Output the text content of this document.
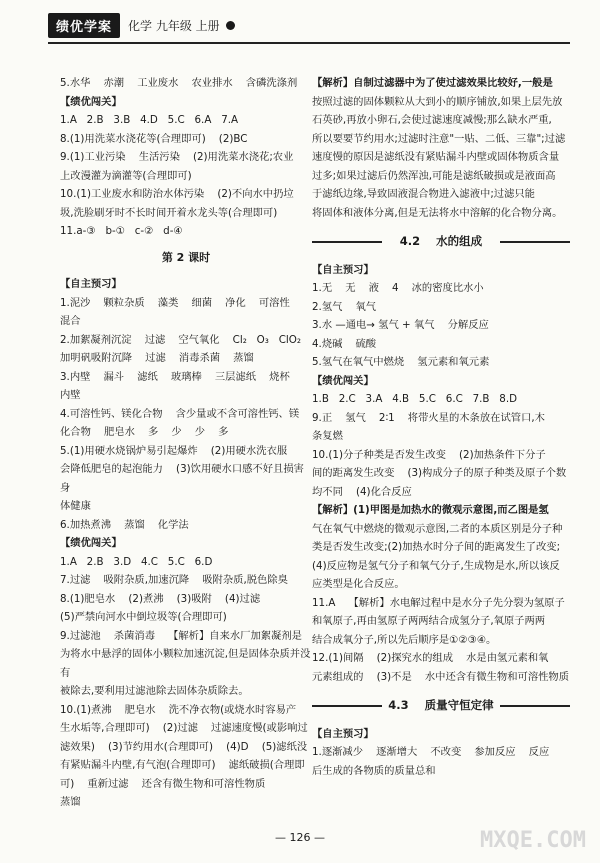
绩优学案	化学 九年级 上册

5.水华    赤潮    工业废水    农业排水    含磷洗涤剂

【绩优闯关】

1.A   2.B   3.B   4.D   5.C   6.A   7.A

8.(1)用洗菜水浇花等(合理即可)    (2)BC

9.(1)工业污染    生活污染    (2)用洗菜水浇花;农业

上改漫灌为滴灌等(合理即可)

10.(1)工业废水和防治水体污染    (2)不向水中扔垃

圾,洗脸刷牙时不长时间开着水龙头等(合理即可)

11.a-③   b-①   c-②   d-④

第 2 课时

【自主预习】

1.泥沙    颗粒杂质    藻类    细菌    净化    可溶性    混合

2.加絮凝剂沉淀    过滤    空气氧化    Cl₂   O₃   ClO₂

加明矾吸附沉降    过滤    消毒杀菌    蒸馏

3.内壁    漏斗    滤纸    玻璃棒    三层滤纸    烧杯

内壁

4.可溶性钙、镁化合物    含少量或不含可溶性钙、镁

化合物    肥皂水    多    少    少    多

5.(1)用硬水烧锅炉易引起爆炸    (2)用硬水洗衣服

会降低肥皂的起泡能力    (3)饮用硬水口感不好且损害身

体健康

6.加热煮沸    蒸馏    化学法

【绩优闯关】

1.A   2.B   3.D   4.C   5.C   6.D

7.过滤    吸附杂质,加速沉降    吸附杂质,脱色除臭

8.(1)肥皂水    (2)煮沸    (3)吸附    (4)过滤

(5)严禁向河水中倒垃圾等(合理即可)

9.过滤池    杀菌消毒    【解析】自来水厂加絮凝剂是

为将水中悬浮的固体小颗粒加速沉淀,但是固体杂质并没有

被除去,要利用过滤池除去固体杂质除去。

10.(1)煮沸    肥皂水    洗不净衣物(或烧水时容易产

生水垢等,合理即可)    (2)过滤    过滤速度慢(或影响过

滤效果)    (3)节约用水(合理即可)    (4)D    (5)滤纸没

有紧贴漏斗内壁,有气泡(合理即可)    滤纸破损(合理即

可)    重新过滤    还含有微生物和可溶性物质

蒸馏

【解析】自制过滤器中为了使过滤效果比较好,一般是

按照过滤的固体颗粒从大到小的顺序铺放,如果上层先放

石英砂,再放小卵石,会使过滤速度减慢;那么缺水严重,

所以要要节约用水;过滤时注意"一贴、二低、三靠";过滤

速度慢的原因是滤纸没有紧贴漏斗内壁或固体物质含量

过多;如果过滤后仍然浑浊,可能是滤纸破损或是液面高

于滤纸边缘,导致固液混合物进入滤液中;过滤只能

将固体和液体分离,但是无法将水中溶解的化合物分离。

4.2    水的组成

【自主预习】

1.无    无    液    4    冰的密度比水小

2.氢气    氧气

3.水 —通电→ 氢气 + 氧气    分解反应

4.烧碱    硫酸

5.氢气在氧气中燃烧    氢元素和氧元素

【绩优闯关】

1.B   2.C   3.A   4.B   5.C   6.C   7.B   8.D

9.正    氢气    2∶1    将带火星的木条放在试管口,木

条复燃

10.(1)分子种类是否发生改变    (2)加热条件下分子

间的距离发生改变    (3)构成分子的原子种类及原子个数

均不同    (4)化合反应

【解析】(1)甲图是加热水的微观示意图,而乙图是氢

气在氧气中燃烧的微观示意图,二者的本质区别是分子种

类是否发生改变;(2)加热水时分子间的距离发生了改变;

(4)反应物是氢气分子和氧气分子,生成物是水,所以该反

应类型是化合反应。

11.A    【解析】水电解过程中是水分子先分裂为氢原子

和氧原子,再由氢原子两两结合成氢分子,氧原子两两

结合成氧分子,所以先后顺序是①②③④。

12.(1)间隔    (2)探究水的组成    水是由氢元素和氧

元素组成的    (3)不是    水中还含有微生物和可溶性物质

4.3    质量守恒定律

【自主预习】

1.逐渐减少    逐渐增大    不改变    参加反应    反应

后生成的各物质的质量总和

— 126 —	MXQE.COM
